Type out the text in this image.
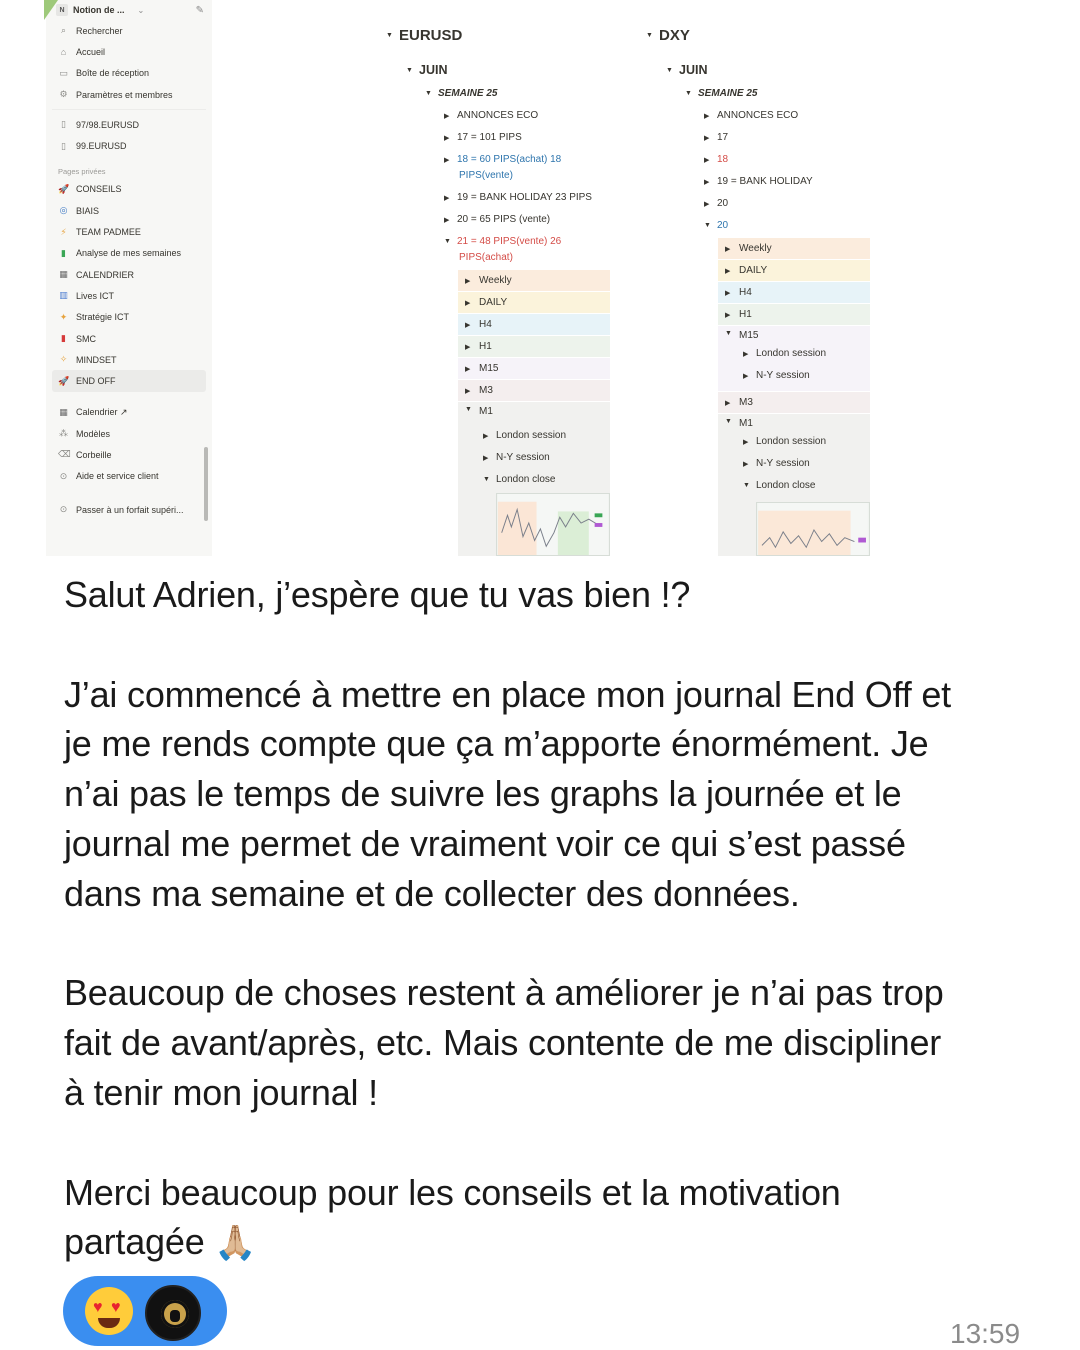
N Notion de ... ⌄	✎
⌕	Rechercher
⌂	Accueil
▭ Boîte de réception
⚙ Paramètres et membres
▯	97/98.EURUSD
▯	99.EURUSD
Pages privées
🚀 CONSEILS
◎ BIAIS
⚡ TEAM PADMEE
▮	Analyse de mes semaines
▦ CALENDRIER
▥ Lives ICT
✦ Stratégie ICT
▮	SMC
✧ MINDSET
🚀 END OFF
▦ Calendrier ↗
⁂ Modèles
⌫ Corbeille
⊙ Aide et service client
⊙ Passer à un forfait supéri...
▼ EURUSD
▼ JUIN
▼ SEMAINE 25
▶ ANNONCES ECO
▶ 17 = 101 PIPS
▶ 18 = 60 PIPS(achat) 18
PIPS(vente)
▶ 19 = BANK HOLIDAY 23 PIPS
▶ 20 = 65 PIPS (vente)
▼ 21 = 48 PIPS(vente) 26
PIPS(achat)
▶ Weekly
▶ DAILY
▶ H4
▶ H1
▶ M15
▶ M3
▼ M1
▶ London session
▶ N-Y session
▼ London close
▼ DXY
▼ JUIN
▼ SEMAINE 25
▶ ANNONCES ECO
▶ 17
▶ 18
▶ 19 = BANK HOLIDAY
▶ 20
▼ 20
▶ Weekly
▶ DAILY
▶ H4
▶ H1
▼ M15
▶ M3
▼ M1
▶ London session
▶ N-Y session
▶ London session
▶ N-Y session
▼ London close

Salut Adrien, j’espère que tu vas bien !?

J’ai commencé à mettre en place mon journal End Off et
je me rends compte que ça m’apporte énormément. Je
n’ai pas le temps de suivre les graphs la journée et le
journal me permet de vraiment voir ce qui s’est passé
dans ma semaine et de collecter des données.

Beaucoup de choses restent à améliorer je n’ai pas trop
fait de avant/après, etc. Mais contente de me discipliner
à tenir mon journal !

Merci beaucoup pour les conseils et la motivation

partagée 🙏🏼

♥ ♥
13:59
